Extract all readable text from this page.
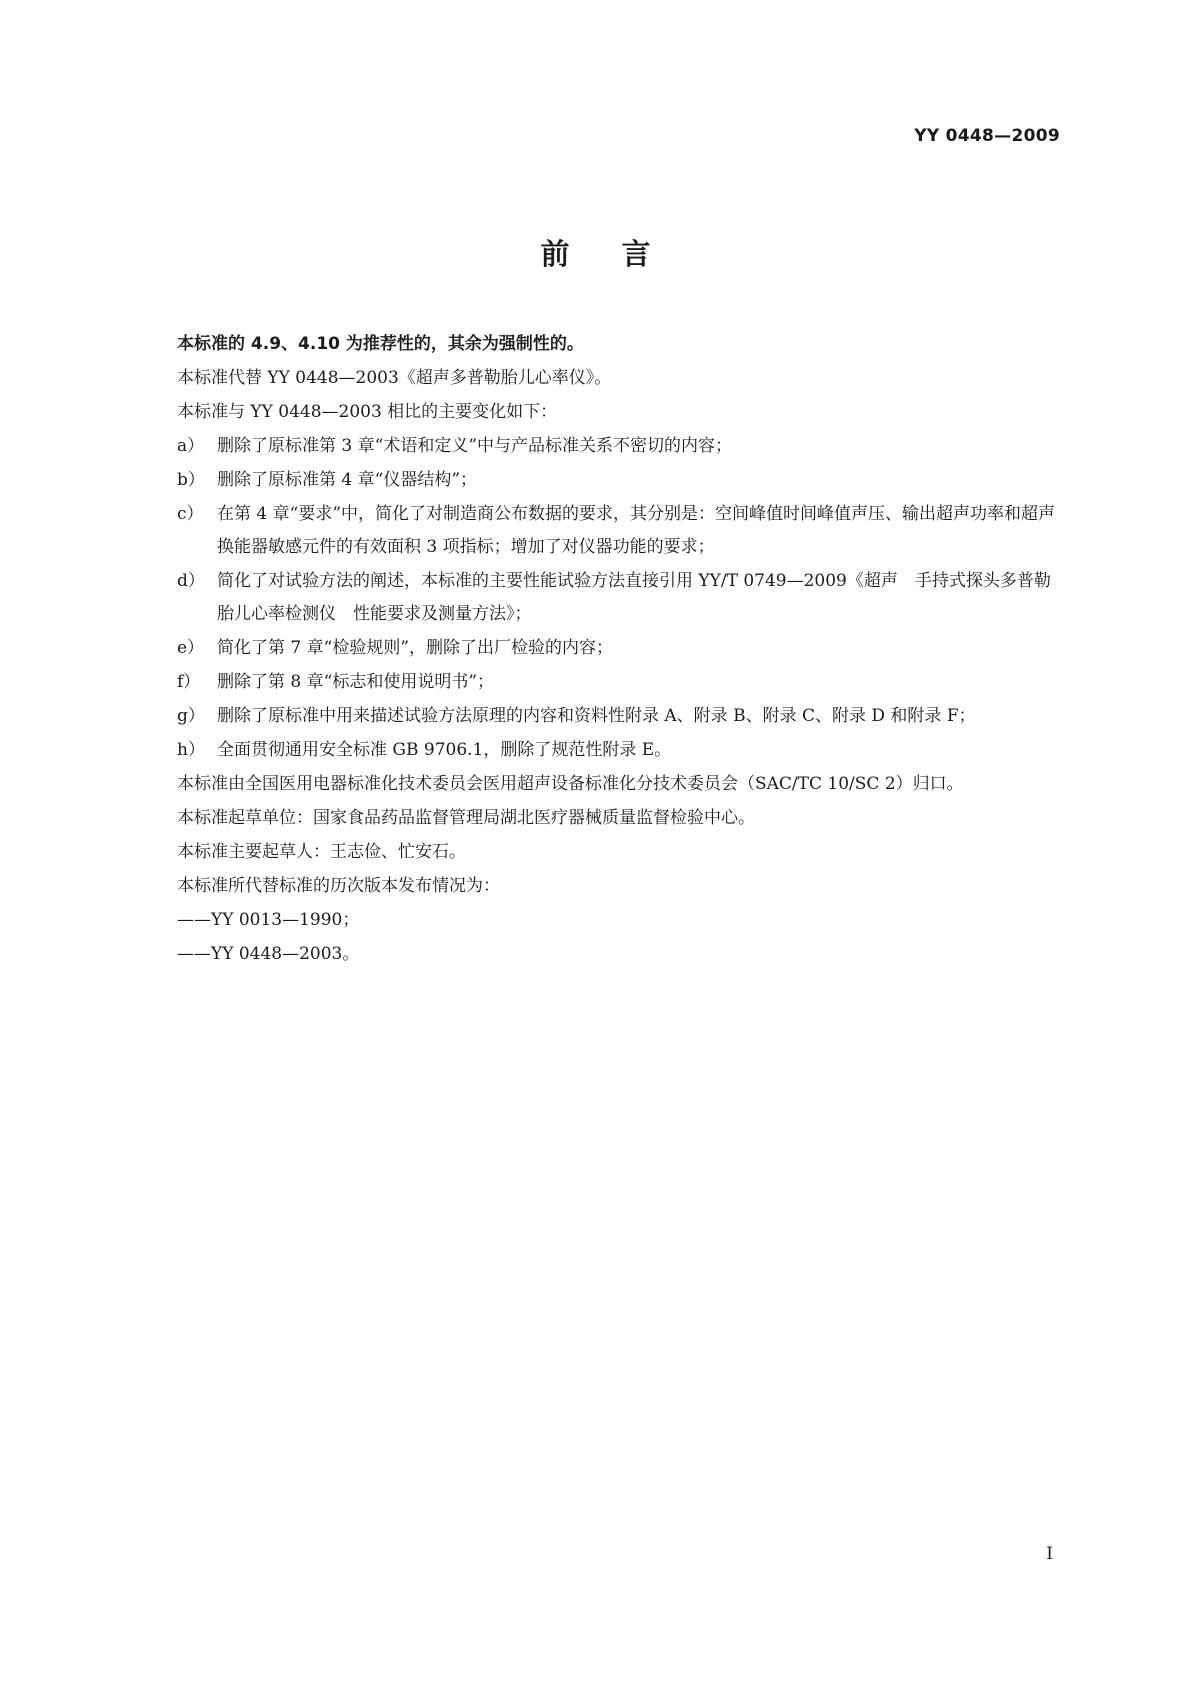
YY 0448—2009
前言

本标准的 4.9、4.10 为推荐性的，其余为强制性的。

本标准代替 YY 0448—2003《超声多普勒胎儿心率仪》。

本标准与 YY 0448—2003 相比的主要变化如下：

a） 删除了原标准第 3 章“术语和定义”中与产品标准关系不密切的内容；
b） 删除了原标准第 4 章“仪器结构”；
c） 在第 4 章“要求”中，简化了对制造商公布数据的要求，其分别是：空间峰值时间峰值声压、输出超声功率和超声换能器敏感元件的有效面积 3 项指标；增加了对仪器功能的要求；
d） 简化了对试验方法的阐述，本标准的主要性能试验方法直接引用 YY/T 0749—2009《超声　手持式探头多普勒胎儿心率检测仪　性能要求及测量方法》；
e） 简化了第 7 章“检验规则”，删除了出厂检验的内容；
f） 删除了第 8 章“标志和使用说明书”；
g） 删除了原标准中用来描述试验方法原理的内容和资料性附录 A、附录 B、附录 C、附录 D 和附录 F；
h） 全面贯彻通用安全标准 GB 9706.1，删除了规范性附录 E。

本标准由全国医用电器标准化技术委员会医用超声设备标准化分技术委员会（SAC/TC 10/SC 2）归口。

本标准起草单位：国家食品药品监督管理局湖北医疗器械质量监督检验中心。

本标准主要起草人：王志俭、忙安石。

本标准所代替标准的历次版本发布情况为：

——YY 0013—1990；
——YY 0448—2003。
I
